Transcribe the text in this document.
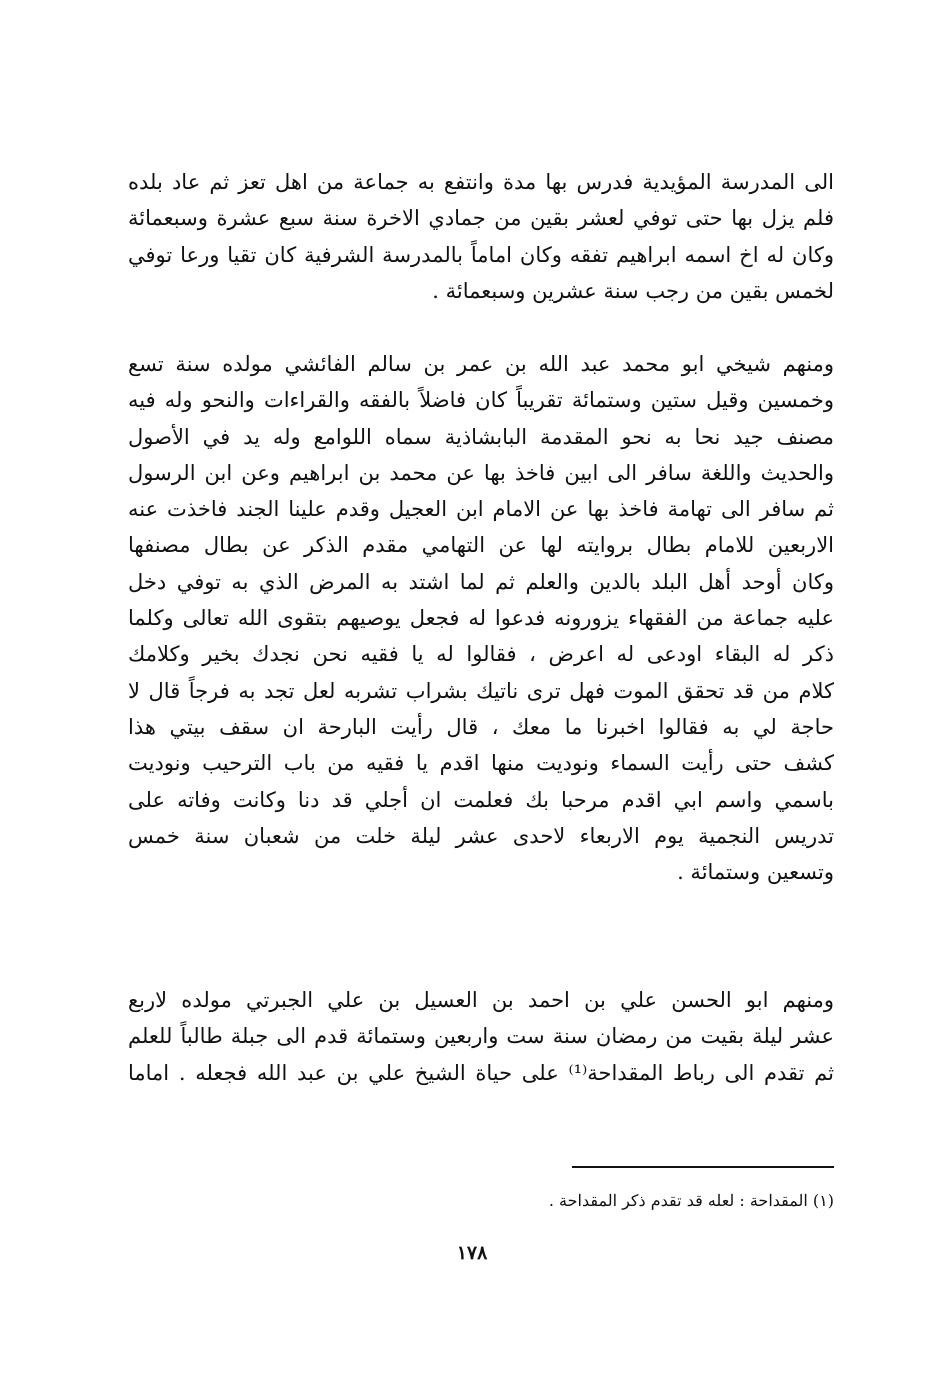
الى المدرسة المؤيدية فدرس بها مدة وانتفع به جماعة من اهل تعز ثم عاد بلده
فلم يزل بها حتى توفي لعشر بقين من جمادي الاخرة سنة سبع عشرة وسبعمائة
وكان له اخ اسمه ابراهيم تفقه وكان اماماً بالمدرسة الشرفية كان تقيا ورعا توفي
لخمس بقين من رجب سنة عشرين وسبعمائة .
ومنهم شيخي ابو محمد عبد الله بن عمر بن سالم الفائشي مولده سنة تسع
وخمسين وقيل ستين وستمائة تقريباً كان فاضلاً بالفقه والقراءات والنحو وله فيه
مصنف جيد نحا به نحو المقدمة البابشاذية سماه اللوامع وله يد في الأصول
والحديث واللغة سافر الى ابين فاخذ بها عن محمد بن ابراهيم وعن ابن الرسول
ثم سافر الى تهامة فاخذ بها عن الامام ابن العجيل وقدم علينا الجند فاخذت عنه
الاربعين للامام بطال بروايته لها عن التهامي مقدم الذكر عن بطال مصنفها
وكان أوحد أهل البلد بالدين والعلم ثم لما اشتد به المرض الذي به توفي دخل
عليه جماعة من الفقهاء يزورونه فدعوا له فجعل يوصيهم بتقوى الله تعالى وكلما
ذكر له البقاء اودعى له اعرض ، فقالوا له يا فقيه نحن نجدك بخير وكلامك
كلام من قد تحقق الموت فهل ترى ناتيك بشراب تشربه لعل تجد به فرجاً قال لا
حاجة لي به فقالوا اخبرنا ما معك ، قال رأيت البارحة ان سقف بيتي هذا
كشف حتى رأيت السماء ونوديت منها اقدم يا فقيه من باب الترحيب ونوديت
باسمي واسم ابي اقدم مرحبا بك فعلمت ان أجلي قد دنا وكانت وفاته على
تدريس النجمية يوم الاربعاء لاحدى عشر ليلة خلت من شعبان سنة خمس
وتسعين وستمائة .
ومنهم ابو الحسن علي بن احمد بن العسيل بن علي الجبرتي مولده لاربع
عشر ليلة بقيت من رمضان سنة ست واربعين وستمائة قدم الى جبلة طالباً للعلم
ثم تقدم الى رباط المقداحة⁽¹⁾ على حياة الشيخ علي بن عبد الله فجعله . اماما
(١) المقداحة : لعله قد تقدم ذكر المقداحة .
١٧٨
